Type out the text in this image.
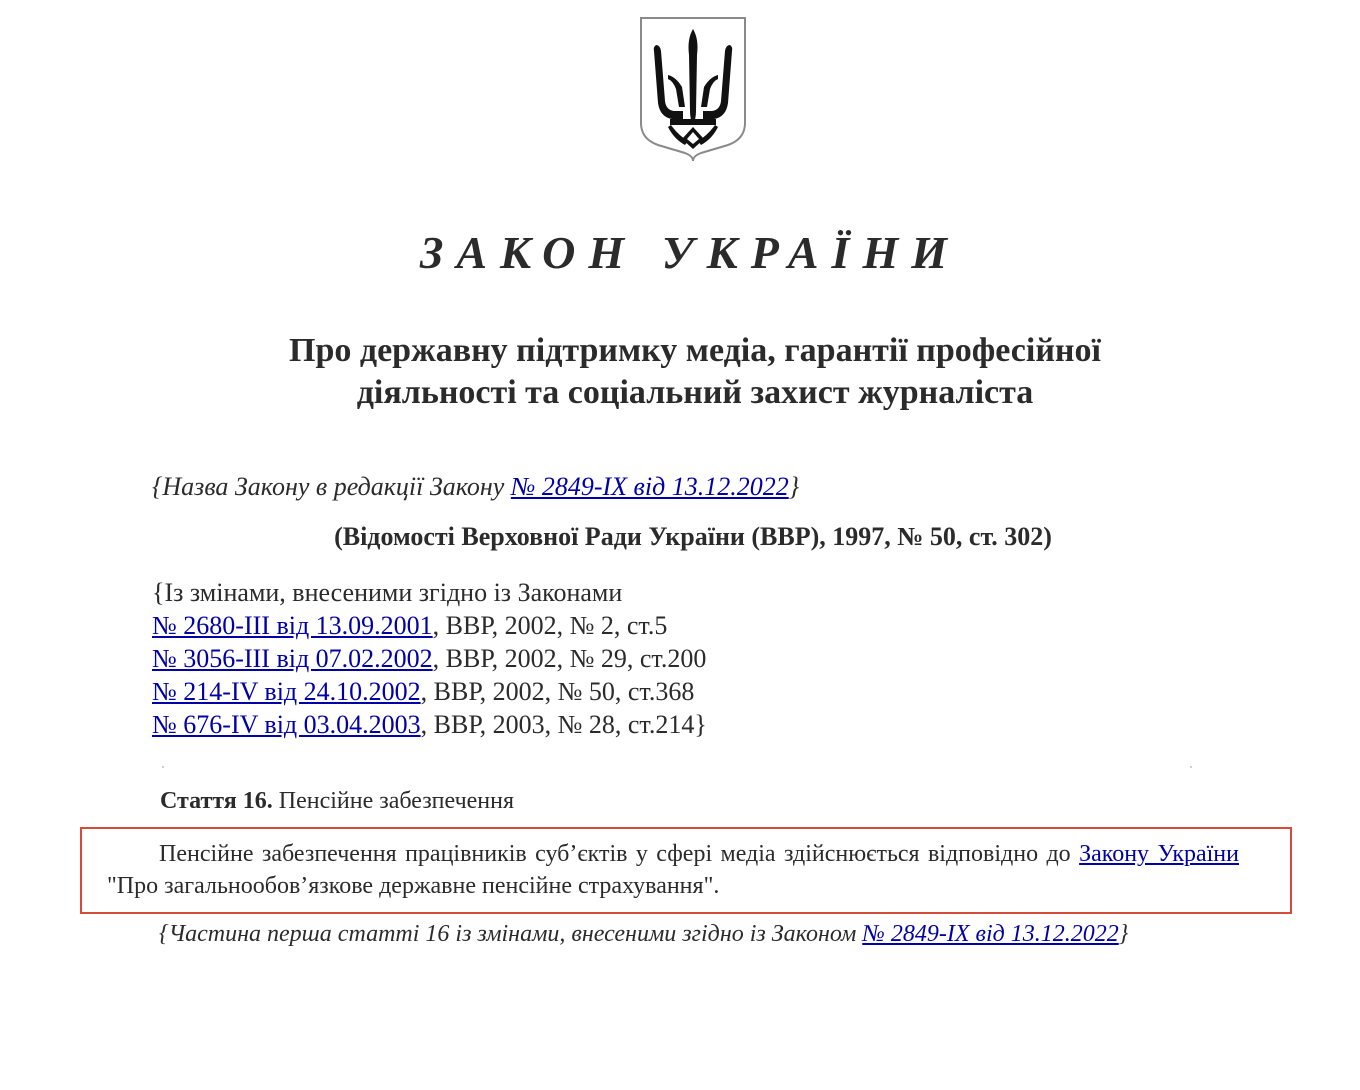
ЗАКОН УКРАЇНИ
Про державну підтримку медіа, гарантії професійної
діяльності та соціальний захист журналіста
{Назва Закону в редакції Закону № 2849-IX від 13.12.2022}
(Відомості Верховної Ради України (ВВР), 1997, № 50, ст. 302)
{Із змінами, внесеними згідно із Законами
№ 2680-III від 13.09.2001, ВВР, 2002, № 2, ст.5
№ 3056-III від 07.02.2002, ВВР, 2002, № 29, ст.200
№ 214-IV від 24.10.2002, ВВР, 2002, № 50, ст.368
№ 676-IV від 03.04.2003, ВВР, 2003, № 28, ст.214}
Стаття 16. Пенсійне забезпечення
Пенсійне забезпечення працівників суб’єктів у сфері медіа здійснюється відповідно до Закону України "Про загальнообов’язкове державне пенсійне страхування".
{Частина перша статті 16 із змінами, внесеними згідно із Законом № 2849-IX від 13.12.2022}
